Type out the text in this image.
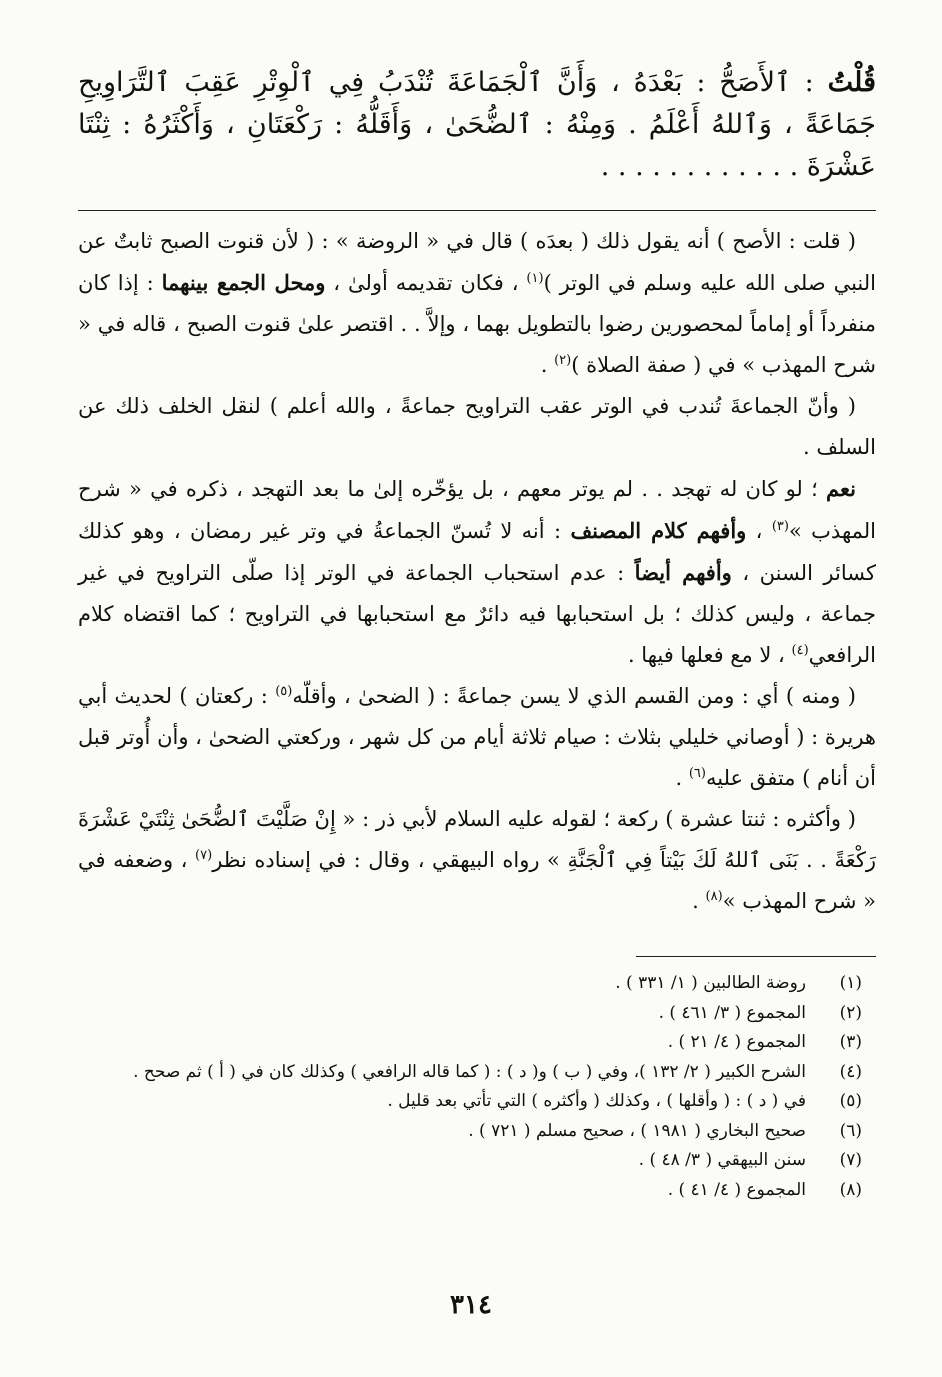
قُلْتُ : ٱلأَصَحُّ : بَعْدَهُ ، وَأَنَّ ٱلْجَمَاعَةَ تُنْدَبُ فِي ٱلْوِتْرِ عَقِبَ ٱلتَّرَاوِيحِ جَمَاعَةً ، وَٱللهُ أَعْلَمُ . وَمِنْهُ : ٱلضُّحَىٰ ، وَأَقَلُّهُ : رَكْعَتَانِ ، وَأَكْثَرُهُ : ثِنْتَا عَشْرَةَ . . . . . . . . . . . .

( قلت : الأصح ) أنه يقول ذلك ( بعدَه ) قال في « الروضة » : ( لأن قنوت الصبح ثابتٌ عن النبي صلى الله عليه وسلم في الوتر )$^{(١)}$ ، فكان تقديمه أولىٰ ، ومحل الجمع بينهما : إذا كان منفرداً أو إماماً لمحصورين رضوا بالتطويل بهما ، وإلاَّ . . اقتصر علىٰ قنوت الصبح ، قاله في « شرح المهذب » في ( صفة الصلاة )$^{(٢)}$ .

( وأنّ الجماعةَ تُندب في الوتر عقب التراويح جماعةً ، والله أعلم ) لنقل الخلف ذلك عن السلف .

نعم ؛ لو كان له تهجد . . لم يوتر معهم ، بل يؤخّره إلىٰ ما بعد التهجد ، ذكره في « شرح المهذب »$^{(٣)}$ ، وأفهم كلام المصنف : أنه لا تُسنّ الجماعةُ في وتر غير رمضان ، وهو كذلك كسائر السنن ، وأفهم أيضاً : عدم استحباب الجماعة في الوتر إذا صلّى التراويح في غير جماعة ، وليس كذلك ؛ بل استحبابها فيه دائرٌ مع استحبابها في التراويح ؛ كما اقتضاه كلام الرافعي$^{(٤)}$ ، لا مع فعلها فيها .

( ومنه ) أي : ومن القسم الذي لا يسن جماعةً : ( الضحىٰ ، وأقلّه$^{(٥)}$ : ركعتان ) لحديث أبي هريرة : ( أوصاني خليلي بثلاث : صيام ثلاثة أيام من كل شهر ، وركعتي الضحىٰ ، وأن أُوتر قبل أن أنام ) متفق عليه$^{(٦)}$ .

( وأكثره : ثنتا عشرة ) ركعة ؛ لقوله عليه السلام لأبي ذر : « إِنْ صَلَّيْتَ ٱلضُّحَىٰ ثِنْتَيْ عَشْرَةَ رَكْعَةً . . بَنَى ٱللهُ لَكَ بَيْتاً فِي ٱلْجَنَّةِ » رواه البيهقي ، وقال : في إسناده نظر$^{(٧)}$ ، وضعفه في « شرح المهذب »$^{(٨)}$ .

(١)
روضة الطالبين ( ١/ ٣٣١ ) .
(٢)
المجموع ( ٣/ ٤٦١ ) .
(٣)
المجموع ( ٤/ ٢١ ) .
(٤)
الشرح الكبير ( ٢/ ١٣٢ )، وفي ( ب ) و( د ) : ( كما قاله الرافعي ) وكذلك كان في ( أ ) ثم صحح .
(٥)
في ( د ) : ( وأقلها ) ، وكذلك ( وأكثره ) التي تأتي بعد قليل .
(٦)
صحيح البخاري ( ١٩٨١ ) ، صحيح مسلم ( ٧٢١ ) .
(٧)
سنن البيهقي ( ٣/ ٤٨ ) .
(٨)
المجموع ( ٤/ ٤١ ) .
٣١٤
